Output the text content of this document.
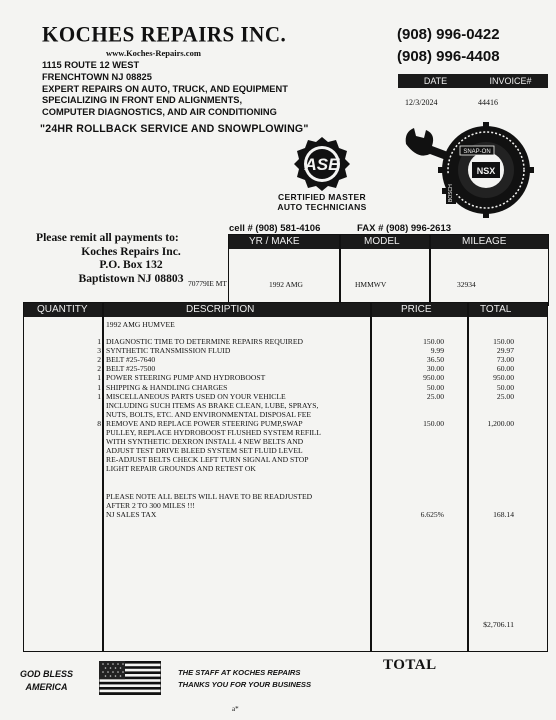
KOCHES REPAIRS INC.
www.Koches-Repairs.com
1115 ROUTE 12 WEST
FRENCHTOWN NJ 08825
EXPERT REPAIRS ON AUTO, TRUCK, AND EQUIPMENT
SPECIALIZING IN FRONT END ALIGNMENTS,
COMPUTER DIAGNOSTICS, AND AIR CONDITIONING
"24HR ROLLBACK SERVICE AND SNOWPLOWING"
(908) 996-0422
(908) 996-4408
DATE	INVOICE#
12/3/2024	44416
ASE
CERTIFIED MASTER
AUTO TECHNICIANS
NSX
SNAP-ON
BOSCH
cell # (908) 581-4106	FAX # (908) 996-2613
Please remit all payments to:
Koches Repairs Inc.
P.O. Box 132
Baptistown NJ 08803
YR / MAKE	MODEL	MILEAGE
1992 AMG	HMMWV	32934
70779IE MT
QUANTITY	DESCRIPTION	PRICE	TOTAL
1992 AMG HUMVEE
1 DIAGNOSTIC TIME TO DETERMINE REPAIRS REQUIRED	150.00	150.00
3 SYNTHETIC TRANSMISSION FLUID	9.99	29.97
2 BELT #25-7640	36.50	73.00
2 BELT #25-7500	30.00	60.00
1 POWER STEERING PUMP AND HYDROBOOST	950.00	950.00
1 SHIPPING & HANDLING CHARGES	50.00	50.00
1 MISCELLANEOUS PARTS USED ON YOUR VEHICLE	25.00	25.00
INCLUDING SUCH ITEMS AS BRAKE CLEAN, LUBE, SPRAYS,
NUTS, BOLTS, ETC. AND ENVIRONMENTAL DISPOSAL FEE
8 REMOVE AND REPLACE POWER STEERING PUMP,SWAP	150.00	1,200.00
PULLEY, REPLACE HYDROBOOST FLUSHED SYSTEM REFILL
WITH SYNTHETIC DEXRON INSTALL 4 NEW BELTS AND
ADJUST TEST DRIVE BLEED SYSTEM SET FLUID LEVEL
RE-ADJUST BELTS CHECK LEFT TURN SIGNAL AND STOP
LIGHT REPAIR GROUNDS AND RETEST OK
PLEASE NOTE ALL BELTS WILL HAVE TO BE READJUSTED
AFTER 2 TO 300 MILES !!!
NJ SALES TAX	6.625%	168.14
$2,706.11
GOD BLESS
AMERICA
THE STAFF AT KOCHES REPAIRS
THANKS YOU FOR YOUR BUSINESS
TOTAL
a*
